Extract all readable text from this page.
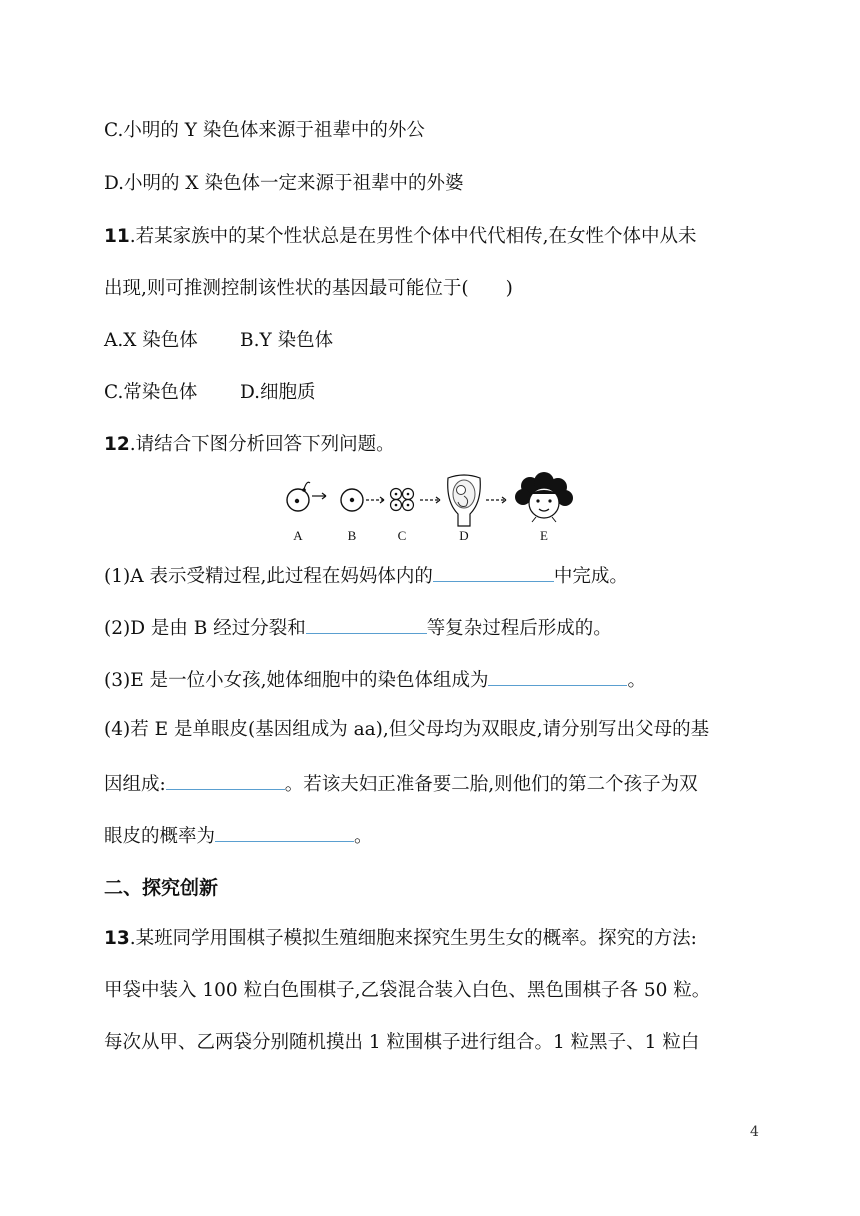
C.小明的 Y 染色体来源于祖辈中的外公
D.小明的 X 染色体一定来源于祖辈中的外婆
11.若某家族中的某个性状总是在男性个体中代代相传,在女性个体中从未
出现,则可推测控制该性状的基因最可能位于(　　)
A.X 染色体 B.Y 染色体
C.常染色体 D.细胞质
12.请结合下图分析回答下列问题。
A	B	C	D	E
(1)A 表示受精过程,此过程在妈妈体内的	中完成。
(2)D 是由 B 经过分裂和	等复杂过程后形成的。
(3)E 是一位小女孩,她体细胞中的染色体组成为	。
(4)若 E 是单眼皮(基因组成为 aa),但父母均为双眼皮,请分别写出父母的基
因组成:	。若该夫妇正准备要二胎,则他们的第二个孩子为双
眼皮的概率为	。
二、探究创新
13.某班同学用围棋子模拟生殖细胞来探究生男生女的概率。探究的方法:
甲袋中装入 100 粒白色围棋子,乙袋混合装入白色、黑色围棋子各 50 粒。
每次从甲、乙两袋分别随机摸出 1 粒围棋子进行组合。1 粒黑子、1 粒白
4
